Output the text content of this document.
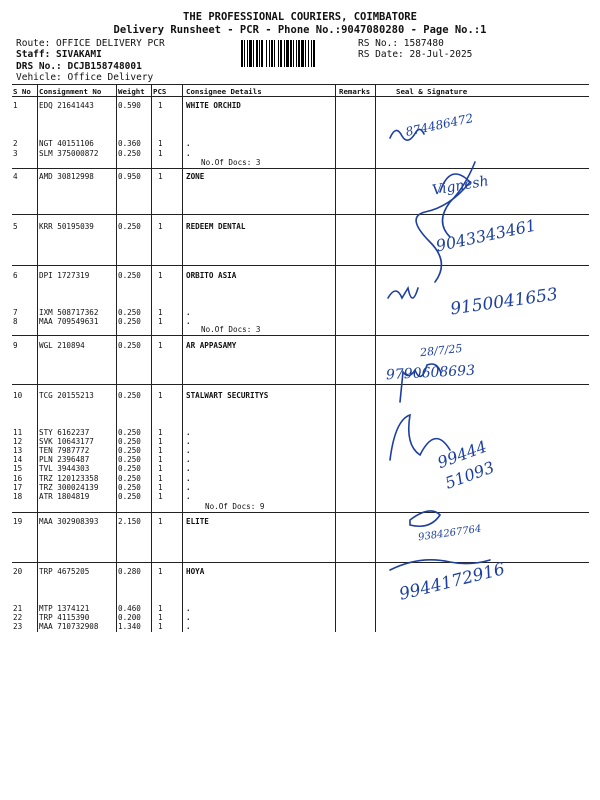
THE PROFESSIONAL COURIERS, COIMBATORE
Delivery Runsheet - PCR - Phone No.:9047080280 - Page No.:1
Route: OFFICE DELIVERY PCR
Staff: SIVAKAMI
DRS No.: DCJB158748001
Vehicle: Office Delivery
RS No.: 1587480
RS Date: 28-Jul-2025
S No Consignment No Weight PCS	Consignee Details	Remarks	Seal & Signature
1	EDQ 21641443	0.590 1	WHITE ORCHID
2	NGT 40151106	0.360 1	.
3	SLM 375000872	0.250 1	.
No.Of Docs: 3
4	AMD 30812998	0.950 1	ZONE
5	KRR 50195039	0.250 1	REDEEM DENTAL
6	DPI 1727319	0.250 1	ORBITO ASIA
7	IXM 508717362	0.250 1	.
8	MAA 709549631	0.250 1	.
No.Of Docs: 3
9	WGL 210894	0.250 1	AR APPASAMY
10 TCG 20155213	0.250 1	STALWART SECURITYS
11 STY 6162237	0.250 1	.
12 SVK 10643177	0.250 1	.
13 TEN 7987772	0.250 1	.
14 PLN 2396487	0.250 1	.
15 TVL 3944303	0.250 1	.
16 TRZ 120123358	0.250 1	.
17 TRZ 300024139	0.250 1	.
18 ATR 1804819	0.250 1	.
No.Of Docs: 9
19 MAA 302908393	2.150 1	ELITE
20 TRP 4675205	0.280 1	HOYA
21 MTP 1374121	0.460 1	.
22 TRP 4115390	0.200 1	.
23 MAA 710732908	1.340 1	.
874486472
Vignesh
9043343461
9150041653
28/7/25
9790608693
99444 51093
9384267764
9944172916
